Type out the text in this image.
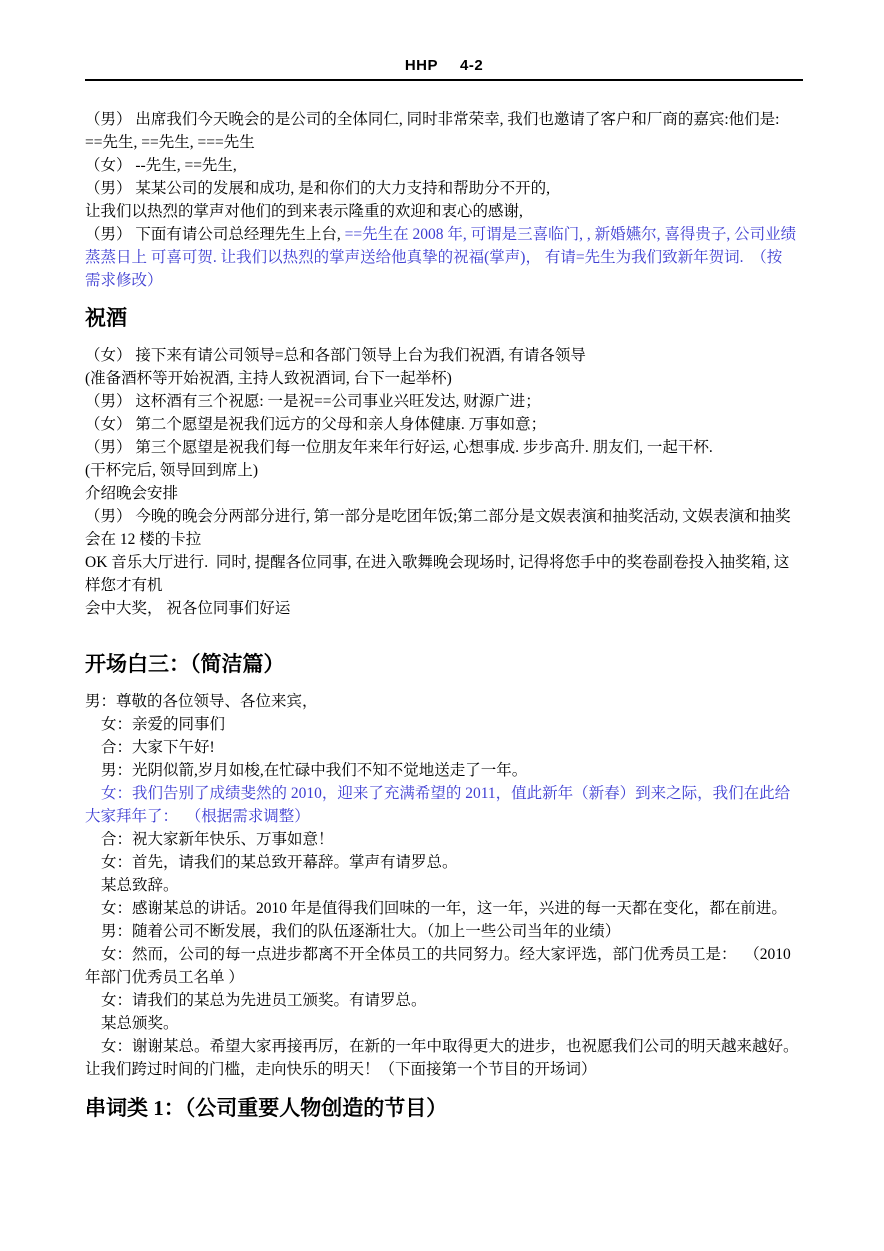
HHP 4-2
（男） 出席我们今天晚会的是公司的全体同仁, 同时非常荣幸, 我们也邀请了客户和厂商的嘉宾:他们是:
==先生, ==先生, ===先生
（女） --先生, ==先生,
（男） 某某公司的发展和成功, 是和你们的大力支持和帮助分不开的,
让我们以热烈的掌声对他们的到来表示隆重的欢迎和衷心的感谢,
（男） 下面有请公司总经理先生上台, ==先生在 2008 年, 可谓是三喜临门, , 新婚嬿尔, 喜得贵子, 公司业绩
蒸蒸日上 可喜可贺. 让我们以热烈的掌声送给他真挚的祝福(掌声)， 有请=先生为我们致新年贺词.  （按
需求修改）
祝酒
（女） 接下来有请公司领导=总和各部门领导上台为我们祝酒, 有请各领导
(准备酒杯等开始祝酒, 主持人致祝酒词, 台下一起举杯)
（男） 这杯酒有三个祝愿: 一是祝==公司事业兴旺发达, 财源广进；
（女） 第二个愿望是祝我们远方的父母和亲人身体健康. 万事如意；
（男） 第三个愿望是祝我们每一位朋友年来年行好运, 心想事成. 步步高升. 朋友们, 一起干杯.
(干杯完后, 领导回到席上)
介绍晚会安排
（男） 今晚的晚会分两部分进行, 第一部分是吃团年饭;第二部分是文娱表演和抽奖活动, 文娱表演和抽奖
会在 12 楼的卡拉
OK 音乐大厅进行.  同时, 提醒各位同事, 在进入歌舞晚会现场时, 记得将您手中的奖卷副卷投入抽奖箱, 这
样您才有机
会中大奖， 祝各位同事们好运
开场白三：（简洁篇）
男：尊敬的各位领导、各位来宾，
女：亲爱的同事们
合：大家下午好!
男：光阴似箭,岁月如梭,在忙碌中我们不知不觉地送走了一年。
女：我们告别了成绩斐然的 2010，迎来了充满希望的 2011，值此新年（新春）到来之际，我们在此给
大家拜年了：  （根据需求调整）
合：祝大家新年快乐、万事如意！
女：首先，请我们的某总致开幕辞。掌声有请罗总。
某总致辞。
女：感谢某总的讲话。2010 年是值得我们回味的一年，这一年，兴进的每一天都在变化，都在前进。
男：随着公司不断发展，我们的队伍逐渐壮大。（加上一些公司当年的业绩）
女：然而，公司的每一点进步都离不开全体员工的共同努力。经大家评选，部门优秀员工是：  （2010
年部门优秀员工名单 ）
女：请我们的某总为先进员工颁奖。有请罗总。
某总颁奖。
女：谢谢某总。希望大家再接再厉，在新的一年中取得更大的进步，也祝愿我们公司的明天越来越好。
让我们跨过时间的门槛，走向快乐的明天！（下面接第一个节目的开场词）
串词类 1：（公司重要人物创造的节目）
